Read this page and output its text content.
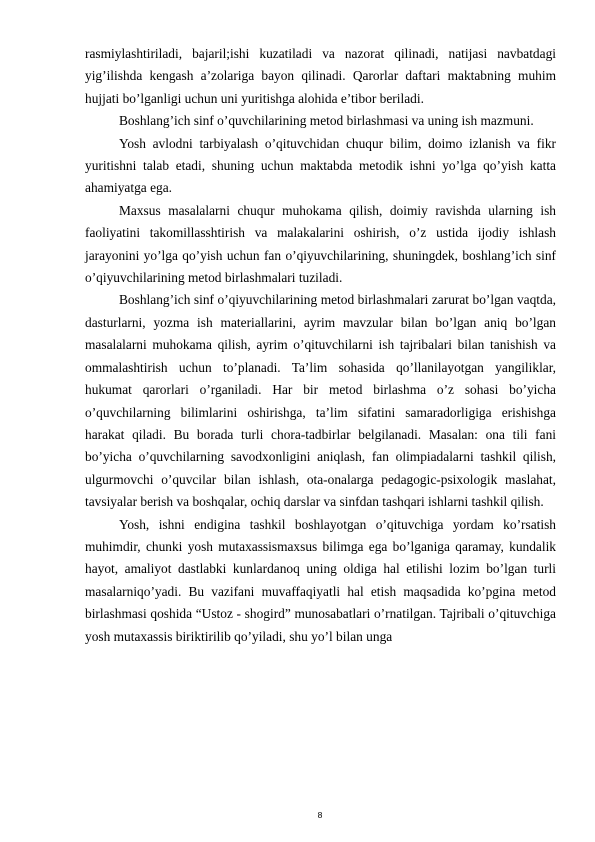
rasmiylashtiriladi, bajaril;ishi kuzatiladi va nazorat qilinadi, natijasi navbatdagi yig’ilishda kengash a’zolariga bayon qilinadi. Qarorlar daftari maktabning muhim hujjati bo’lganligi uchun uni yuritishga alohida e’tibor beriladi.

Boshlang’ich sinf o’quvchilarining metod birlashmasi va uning ish mazmuni.

Yosh avlodni tarbiyalash o’qituvchidan chuqur bilim, doimo izlanish va fikr yuritishni talab etadi, shuning uchun maktabda metodik ishni yo’lga qo’yish katta ahamiyatga ega.

Maxsus masalalarni chuqur muhokama qilish, doimiy ravishda ularning ish faoliyatini takomillasshtirish va malakalarini oshirish, o’z ustida ijodiy ishlash jarayonini yo’lga qo’yish uchun fan o’qiyuvchilarining, shuningdek, boshlang’ich sinf o’qiyuvchilarining metod birlashmalari tuziladi.

Boshlang’ich sinf o’qiyuvchilarining metod birlashmalari zarurat bo’lgan vaqtda, dasturlarni, yozma ish materiallarini, ayrim mavzular bilan bo’lgan aniq bo’lgan masalalarni muhokama qilish, ayrim o’qituvchilarni ish tajribalari bilan tanishish va ommalashtirish uchun to’planadi. Ta’lim sohasida qo’llanilayotgan yangiliklar, hukumat qarorlari o’rganiladi. Har bir metod birlashma o’z sohasi bo’yicha o’quvchilarning bilimlarini oshirishga, ta’lim sifatini samaradorligiga erishishga harakat qiladi. Bu borada turli chora-tadbirlar belgilanadi. Masalan: ona tili fani bo’yicha o’quvchilarning savodxonligini aniqlash, fan olimpiadalarni tashkil qilish, ulgurmovchi o’quvcilar bilan ishlash, ota-onalarga pedagogic-psixologik maslahat, tavsiyalar berish va boshqalar, ochiq darslar va sinfdan tashqari ishlarni tashkil qilish.

Yosh, ishni endigina tashkil boshlayotgan o’qituvchiga yordam ko’rsatish muhimdir, chunki yosh mutaxassismaxsus bilimga ega bo’lganiga qaramay, kundalik hayot, amaliyot dastlabki kunlardanoq uning oldiga hal etilishi lozim bo’lgan turli masalarniqo’yadi. Bu vazifani muvaffaqiyatli hal etish maqsadida ko’pgina metod birlashmasi qoshida “Ustoz - shogird” munosabatlari o’rnatilgan. Tajribali o’qituvchiga yosh mutaxassis biriktirilib qo’yiladi, shu yo’l bilan unga

8
